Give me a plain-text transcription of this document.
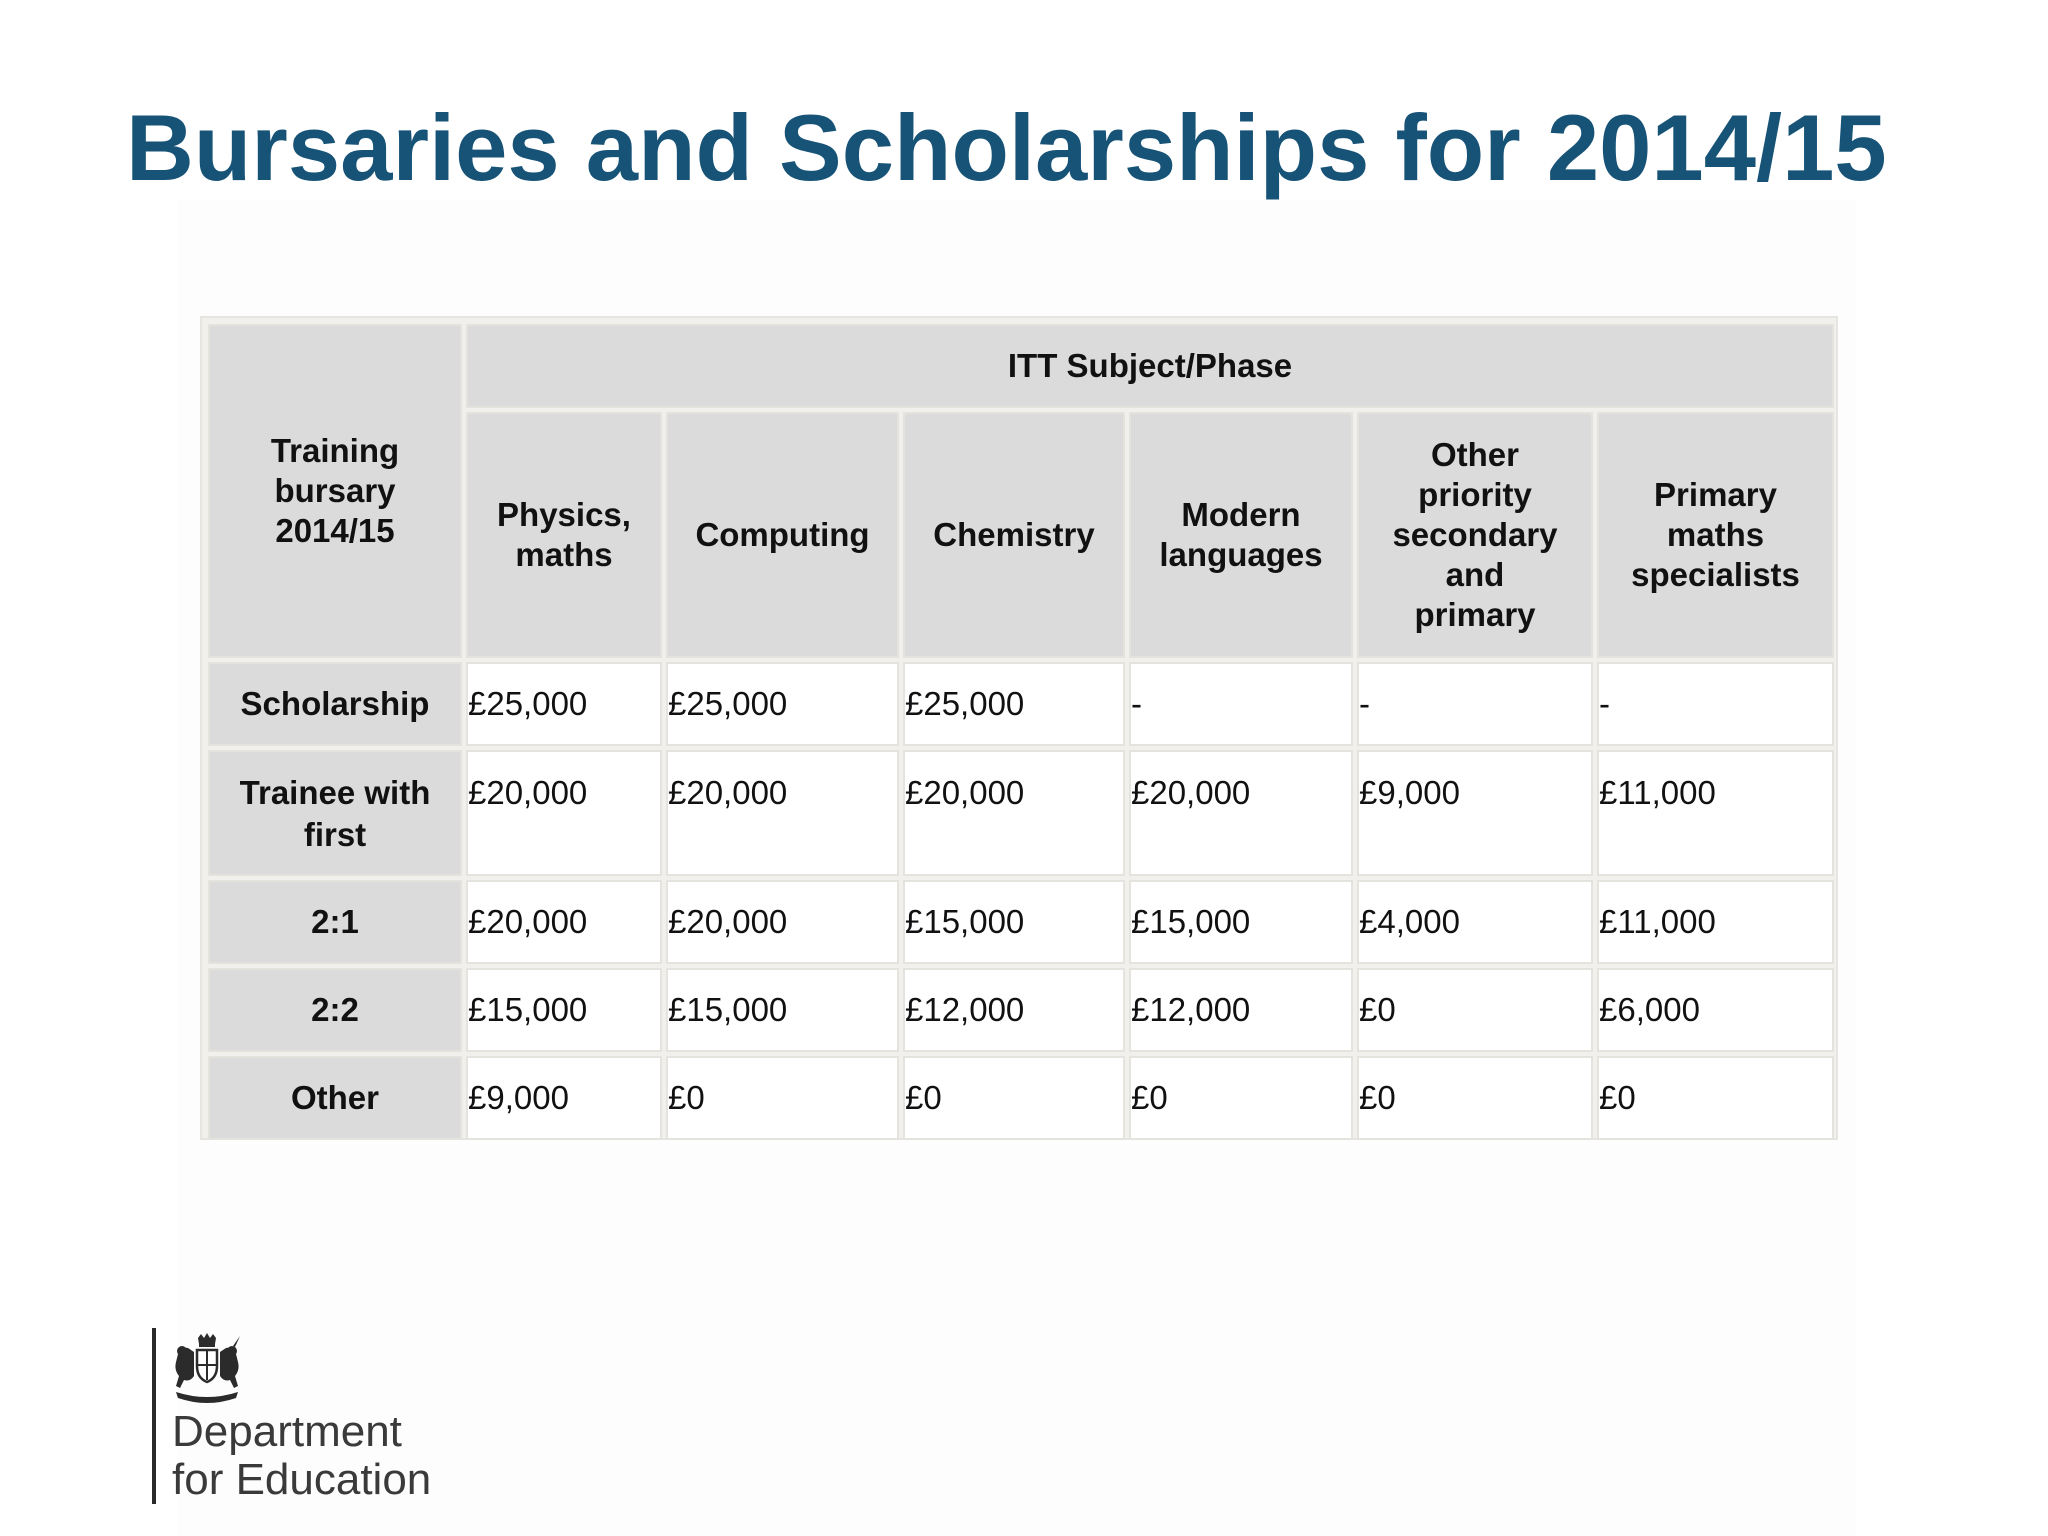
Bursaries and Scholarships for 2014/15
Training bursary 2014/15	ITT Subject/Phase					

	Physics, maths	Computing	Chemistry	Modern languages	Other priority secondary and primary	Primary maths specialists

Scholarship	£25,000	£25,000	£25,000	-	-	-

Trainee with first	£20,000	£20,000	£20,000	£20,000	£9,000	£11,000
2:1	£20,000	£20,000	£15,000	£15,000	£4,000	£11,000
2:2	£15,000	£15,000	£12,000	£12,000	£0	£6,000
Other	£9,000	£0	£0	£0	£0	£0
Department
for Education
